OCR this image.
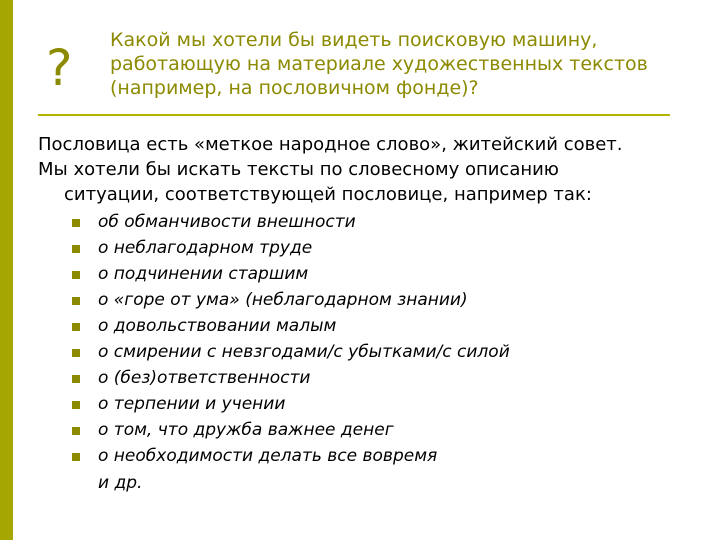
? Какой мы хотели бы видеть поисковую машину,
работающую на материале художественных текстов
(например, на пословичном фонде)?
Пословица есть «меткое народное слово», житейский совет.
Мы хотели бы искать тексты по словесному описанию
ситуации, соответствующей пословице, например так:
об обманчивости внешности
о неблагодарном труде
о подчинении старшим
о «горе от ума» (неблагодарном знании)
о довольствовании малым
о смирении с невзгодами/с убытками/с силой
о (без)ответственности
о терпении и учении
о том, что дружба важнее денег
о необходимости делать все вовремя
и др.
